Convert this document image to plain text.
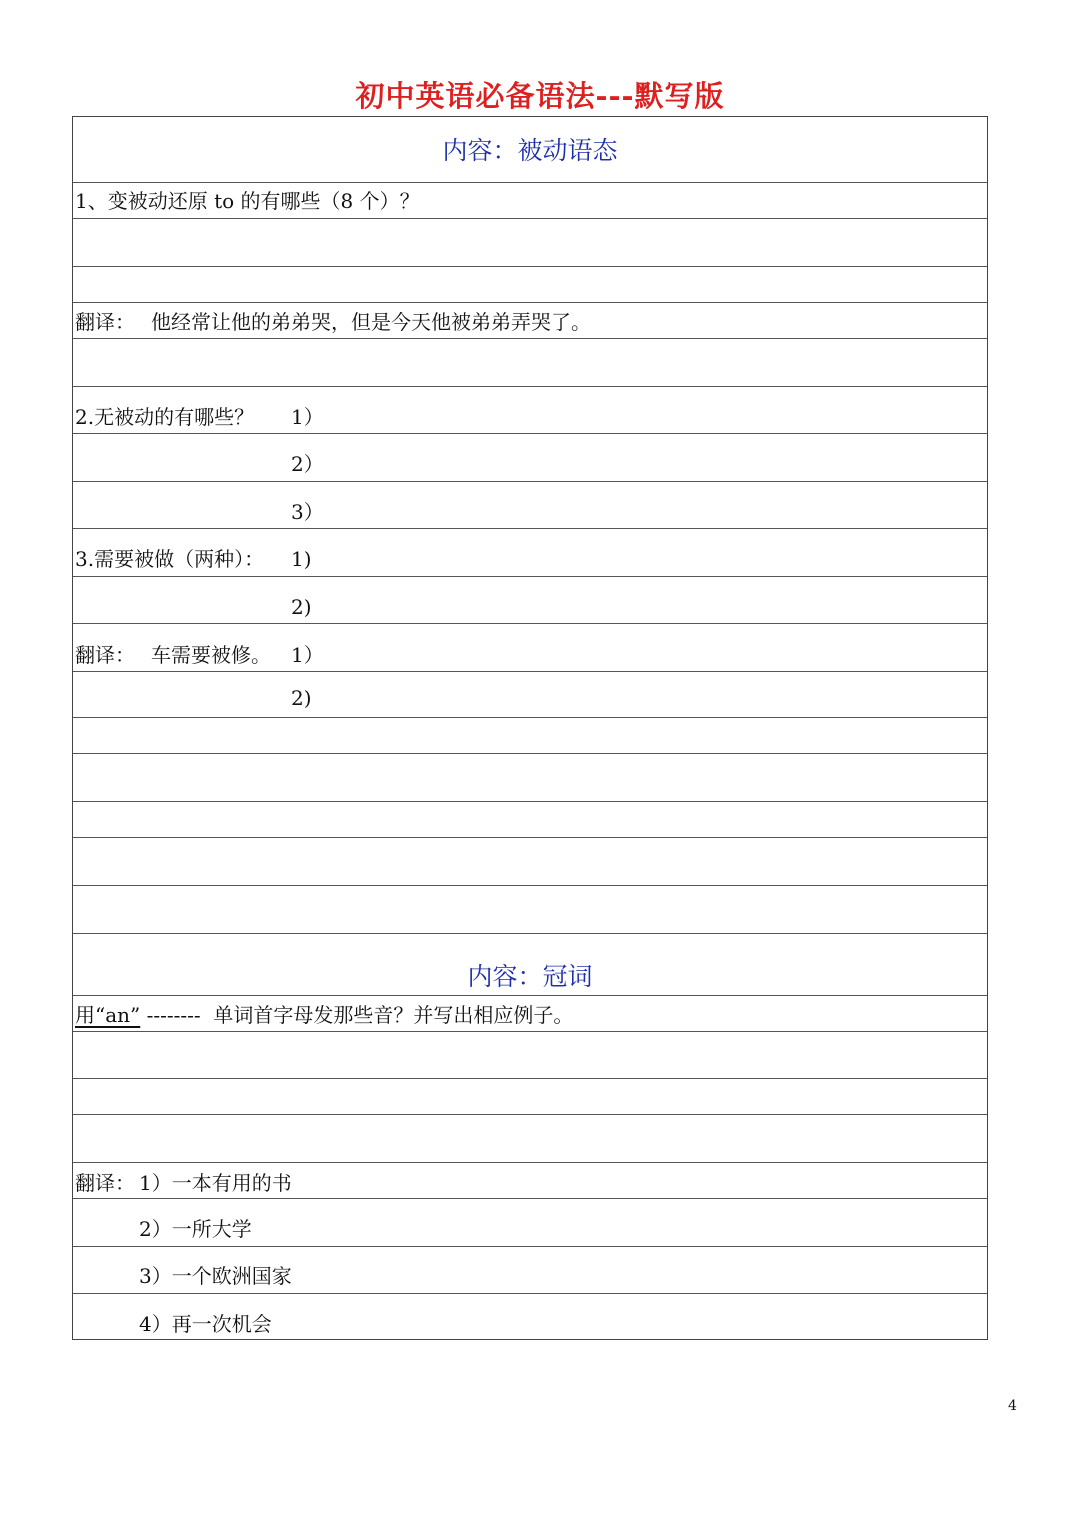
初中英语必备语法---默写版
内容：被动语态
1、变被动还原 to 的有哪些（8 个）？
翻译： 他经常让他的弟弟哭，但是今天他被弟弟弄哭了。
2.无被动的有哪些？ 1）
2）
3）
3.需要被做（两种）： 1)
2)
翻译： 车需要被修。 1）
2)
内容：冠词
用“an” --------  单词首字母发那些音？并写出相应例子。
翻译： 1）一本有用的书
2）一所大学
3）一个欧洲国家
4）再一次机会
4
